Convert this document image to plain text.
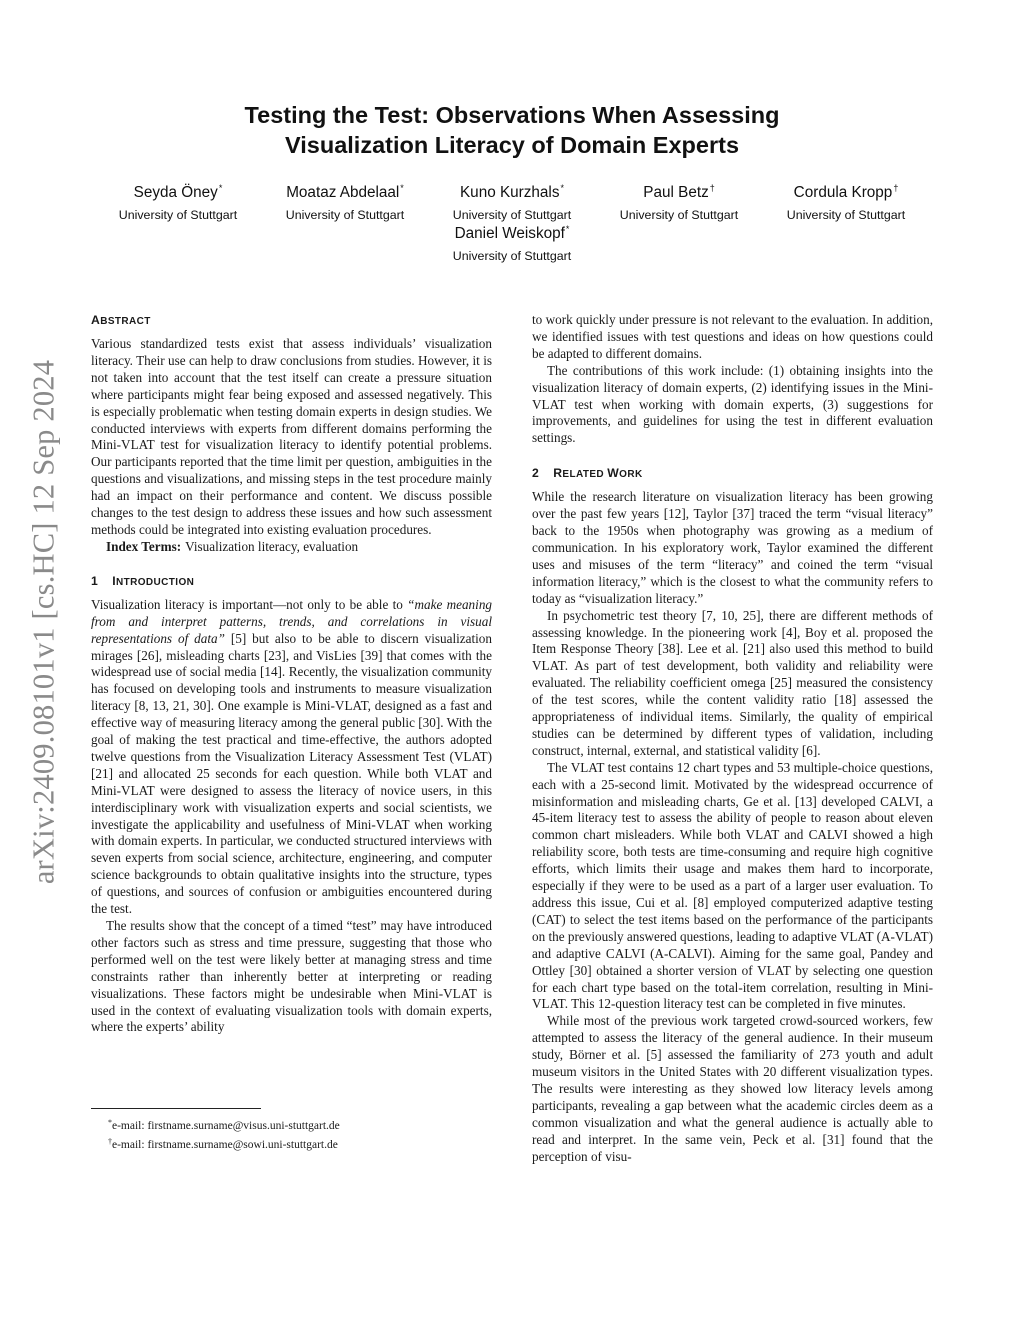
arXiv:2409.08101v1 [cs.HC] 12 Sep 2024
Testing the Test: Observations When Assessing
Visualization Literacy of Domain Experts
Seyda Öney*
University of Stuttgart
Moataz Abdelaal*
University of Stuttgart
Kuno Kurzhals*
University of Stuttgart
Paul Betz†
University of Stuttgart
Cordula Kropp†
University of Stuttgart
Daniel Weiskopf*
University of Stuttgart
ABSTRACT

Various standardized tests exist that assess individuals’ visualization literacy. Their use can help to draw conclusions from studies. However, it is not taken into account that the test itself can create a pressure situation where participants might fear being exposed and assessed negatively. This is especially problematic when testing domain experts in design studies. We conducted interviews with experts from different domains performing the Mini-VLAT test for visualization literacy to identify potential problems. Our participants reported that the time limit per question, ambiguities in the questions and visualizations, and missing steps in the test procedure mainly had an impact on their performance and content. We discuss possible changes to the test design to address these issues and how such assessment methods could be integrated into existing evaluation procedures.

Index Terms: Visualization literacy, evaluation

1 INTRODUCTION

Visualization literacy is important—not only to be able to “make meaning from and interpret patterns, trends, and correlations in visual representations of data” [5] but also to be able to discern visualization mirages [26], misleading charts [23], and VisLies [39] that comes with the widespread use of social media [14]. Recently, the visualization community has focused on developing tools and instruments to measure visualization literacy [8, 13, 21, 30]. One example is Mini-VLAT, designed as a fast and effective way of measuring literacy among the general public [30]. With the goal of making the test practical and time-effective, the authors adopted twelve questions from the Visualization Literacy Assessment Test (VLAT) [21] and allocated 25 seconds for each question. While both VLAT and Mini-VLAT were designed to assess the literacy of novice users, in this interdisciplinary work with visualization experts and social scientists, we investigate the applicability and usefulness of Mini-VLAT when working with domain experts. In particular, we conducted structured interviews with seven experts from social science, architecture, engineering, and computer science backgrounds to obtain qualitative insights into the structure, types of questions, and sources of confusion or ambiguities encountered during the test.

The results show that the concept of a timed “test” may have introduced other factors such as stress and time pressure, suggesting that those who performed well on the test were likely better at managing stress and time constraints rather than inherently better at interpreting or reading visualizations. These factors might be undesirable when Mini-VLAT is used in the context of evaluating visualization tools with domain experts, where the experts’ ability

*e-mail: firstname.surname@visus.uni-stuttgart.de
†e-mail: firstname.surname@sowi.uni-stuttgart.de

to work quickly under pressure is not relevant to the evaluation. In addition, we identified issues with test questions and ideas on how questions could be adapted to different domains.

The contributions of this work include: (1) obtaining insights into the visualization literacy of domain experts, (2) identifying issues in the Mini-VLAT test when working with domain experts, (3) suggestions for improvements, and guidelines for using the test in different evaluation settings.

2 RELATED WORK

While the research literature on visualization literacy has been growing over the past few years [12], Taylor [37] traced the term “visual literacy” back to the 1950s when photography was growing as a medium of communication. In his exploratory work, Taylor examined the different uses and misuses of the term “literacy” and coined the term “visual information literacy,” which is the closest to what the community refers to today as “visualization literacy.”

In psychometric test theory [7, 10, 25], there are different methods of assessing knowledge. In the pioneering work [4], Boy et al. proposed the Item Response Theory [38]. Lee et al. [21] also used this method to build VLAT. As part of test development, both validity and reliability were evaluated. The reliability coefficient omega [25] measured the consistency of the test scores, while the content validity ratio [18] assessed the appropriateness of individual items. Similarly, the quality of empirical studies can be determined by different types of validation, including construct, internal, external, and statistical validity [6].

The VLAT test contains 12 chart types and 53 multiple-choice questions, each with a 25-second limit. Motivated by the widespread occurrence of misinformation and misleading charts, Ge et al. [13] developed CALVI, a 45-item literacy test to assess the ability of people to reason about eleven common chart misleaders. While both VLAT and CALVI showed a high reliability score, both tests are time-consuming and require high cognitive efforts, which limits their usage and makes them hard to incorporate, especially if they were to be used as a part of a larger user evaluation. To address this issue, Cui et al. [8] employed computerized adaptive testing (CAT) to select the test items based on the performance of the participants on the previously answered questions, leading to adaptive VLAT (A-VLAT) and adaptive CALVI (A-CALVI). Aiming for the same goal, Pandey and Ottley [30] obtained a shorter version of VLAT by selecting one question for each chart type based on the total-item correlation, resulting in Mini-VLAT. This 12-question literacy test can be completed in five minutes.

While most of the previous work targeted crowd-sourced workers, few attempted to assess the literacy of the general audience. In their museum study, Börner et al. [5] assessed the familiarity of 273 youth and adult museum visitors in the United States with 20 different visualization types. The results were interesting as they showed low literacy levels among participants, revealing a gap between what the academic circles deem as a common visualization and what the general audience is actually able to read and interpret. In the same vein, Peck et al. [31] found that the perception of visu-
